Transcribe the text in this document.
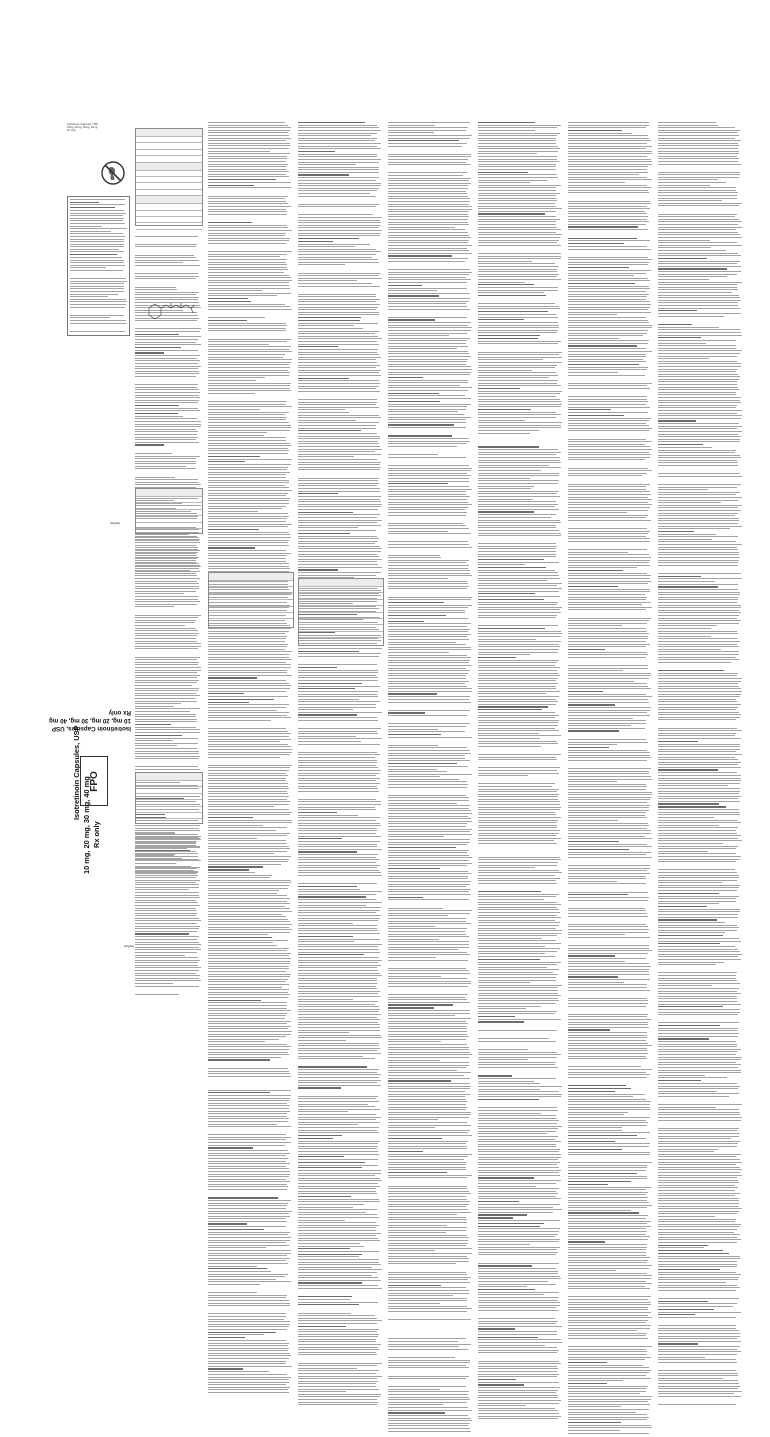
Isotretinoin Capsules, USP
10mg, 20mg, 30mg, 40mg
Rx only
[illegible]
[illegible]
Isotretinoin Capsules, USP
10 mg, 20 mg, 30 mg, 40 mg
Rx only
FPO
Isotretinoin Capsules, USP
10 mg, 20 mg, 30 mg, 40 mg Rx only
